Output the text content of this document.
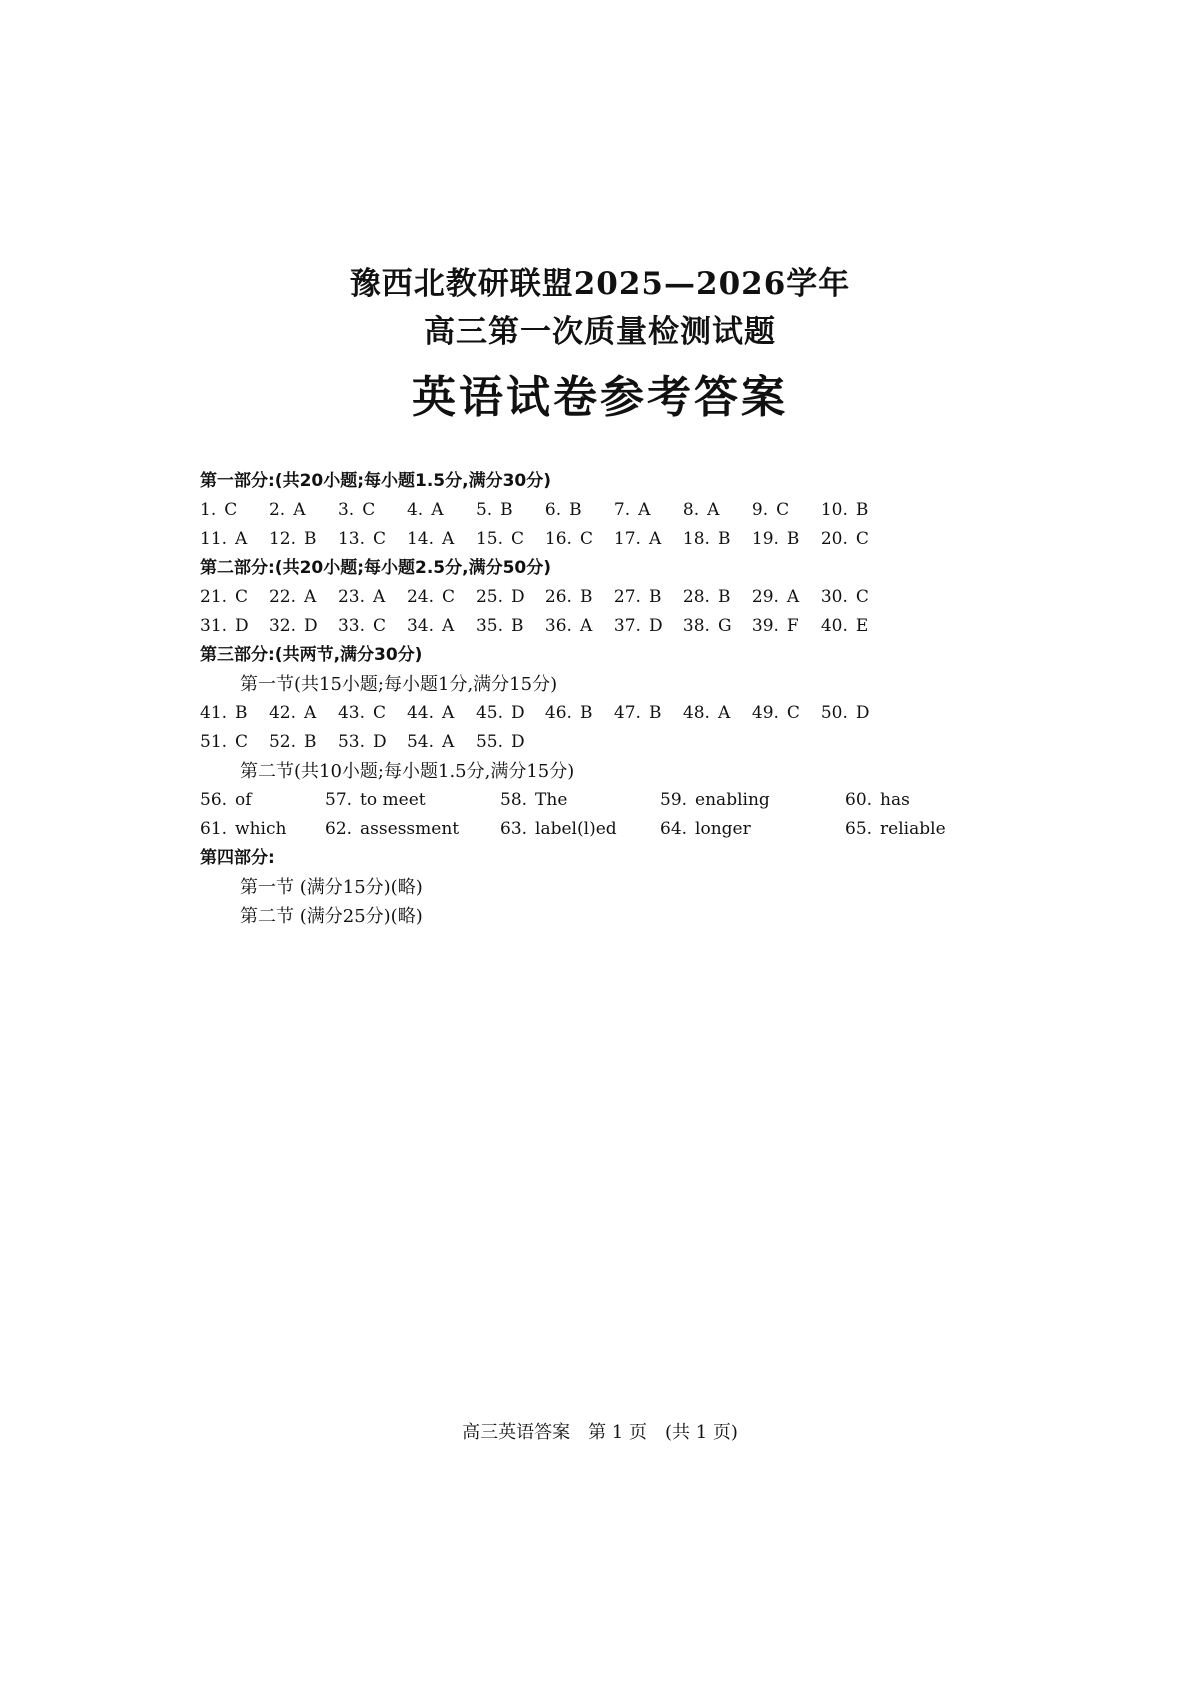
豫西北教研联盟2025—2026学年
高三第一次质量检测试题
英语试卷参考答案
第一部分:(共20小题;每小题1.5分,满分30分)
1. C 2. A 3. C 4. A 5. B 6. B 7. A 8. A 9. C 10. B
11. A 12. B 13. C 14. A 15. C 16. C 17. A 18. B 19. B 20. C
第二部分:(共20小题;每小题2.5分,满分50分)
21. C 22. A 23. A 24. C 25. D 26. B 27. B 28. B 29. A 30. C
31. D 32. D 33. C 34. A 35. B 36. A 37. D 38. G 39. F 40. E
第三部分:(共两节,满分30分)
第一节(共15小题;每小题1分,满分15分)
41. B 42. A 43. C 44. A 45. D 46. B 47. B 48. A 49. C 50. D
51. C 52. B 53. D 54. A 55. D
第二节(共10小题;每小题1.5分,满分15分)
56. of	57. to meet	58. The	59. enabling	60. has
61. which 62. assessment 63. label(l)ed	64. longer	65. reliable
第四部分:
第一节 (满分15分)(略)
第二节 (满分25分)(略)
高三英语答案　第 1 页　(共 1 页)
